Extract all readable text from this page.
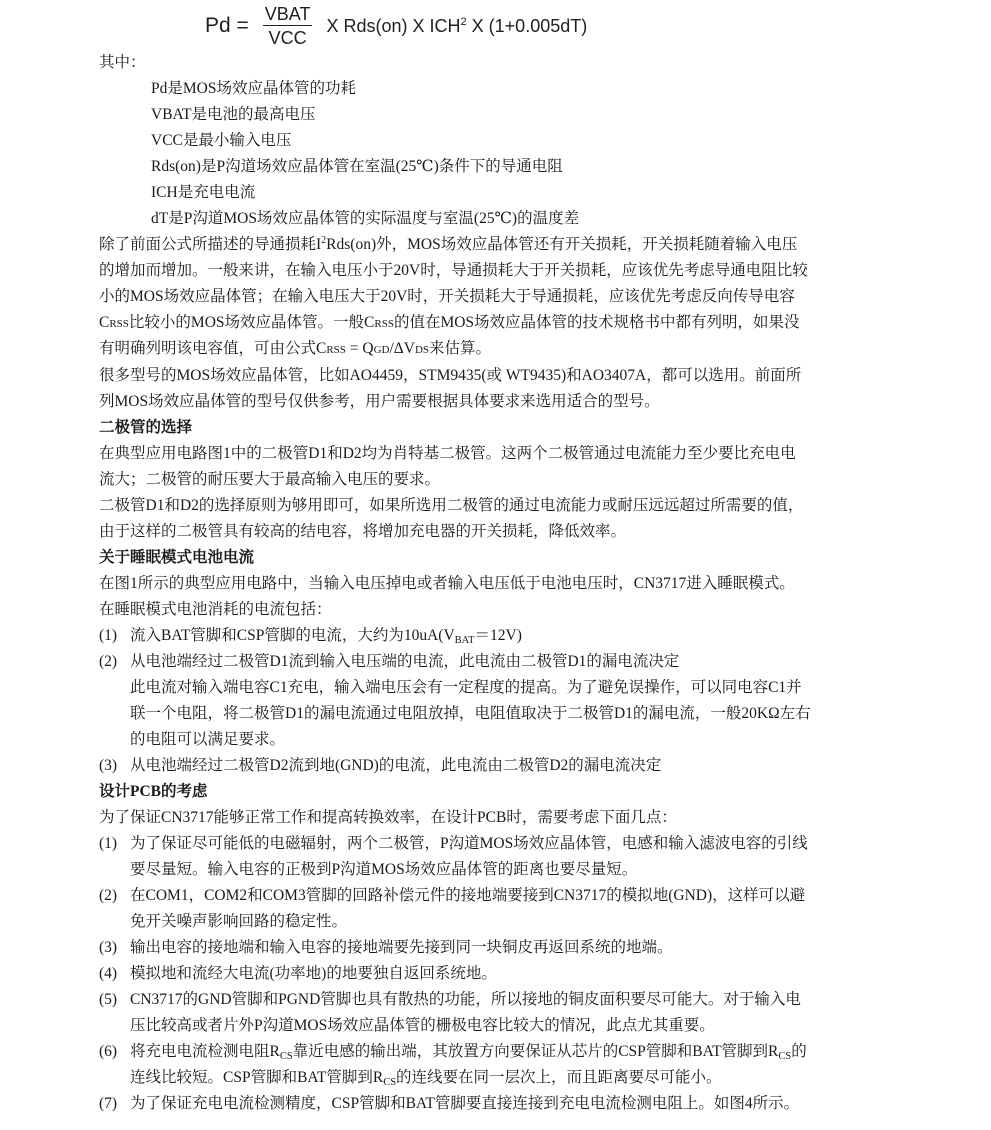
$Pd = \frac{\text{VBAT}}{\text{VCC}}$ X Rds(on) X ICH$^2$ X (1+0.005dT)
其中：
Pd是MOS场效应晶体管的功耗
VBAT是电池的最高电压
VCC是最小输入电压
Rds(on)是P沟道场效应晶体管在室温(25℃)条件下的导通电阻
ICH是充电电流
dT是P沟道MOS场效应晶体管的实际温度与室温(25℃)的温度差
除了前面公式所描述的导通损耗$I^2Rds(on)$外，MOS场效应晶体管还有开关损耗，开关损耗随着输入电压
的增加而增加。一般来讲，在输入电压小于20V时，导通损耗大于开关损耗，应该优先考虑导通电阻比较
小的MOS场效应晶体管；在输入电压大于20V时，开关损耗大于导通损耗，应该优先考虑反向传导电容
CRSS比较小的MOS场效应晶体管。一般CRSS的值在MOS场效应晶体管的技术规格书中都有列明，如果没
有明确列明该电容值，可由公式CRSS = QGD/ΔVDS来估算。
很多型号的MOS场效应晶体管，比如AO4459，STM9435(或 WT9435)和AO3407A，都可以选用。前面所
列MOS场效应晶体管的型号仅供参考，用户需要根据具体要求来选用适合的型号。
二极管的选择
在典型应用电路图1中的二极管D1和D2均为肖特基二极管。这两个二极管通过电流能力至少要比充电电
流大；二极管的耐压要大于最高输入电压的要求。
二极管D1和D2的选择原则为够用即可，如果所选用二极管的通过电流能力或耐压远远超过所需要的值，
由于这样的二极管具有较高的结电容，将增加充电器的开关损耗，降低效率。
关于睡眠模式电池电流
在图1所示的典型应用电路中，当输入电压掉电或者输入电压低于电池电压时，CN3717进入睡眠模式。
在睡眠模式电池消耗的电流包括：
(1) 流入BAT管脚和CSP管脚的电流，大约为10uA(VBAT＝12V)
(2) 从电池端经过二极管D1流到输入电压端的电流，此电流由二极管D1的漏电流决定
此电流对输入端电容C1充电，输入端电压会有一定程度的提高。为了避免误操作，可以同电容C1并
联一个电阻，将二极管D1的漏电流通过电阻放掉，电阻值取决于二极管D1的漏电流，一般20KΩ左右
的电阻可以满足要求。
(3) 从电池端经过二极管D2流到地(GND)的电流，此电流由二极管D2的漏电流决定
设计PCB的考虑
为了保证CN3717能够正常工作和提高转换效率，在设计PCB时，需要考虑下面几点：
(1) 为了保证尽可能低的电磁辐射，两个二极管，P沟道MOS场效应晶体管，电感和输入滤波电容的引线
要尽量短。输入电容的正极到P沟道MOS场效应晶体管的距离也要尽量短。
(2) 在COM1，COM2和COM3管脚的回路补偿元件的接地端要接到CN3717的模拟地(GND)，这样可以避
免开关噪声影响回路的稳定性。
(3) 输出电容的接地端和输入电容的接地端要先接到同一块铜皮再返回系统的地端。
(4) 模拟地和流经大电流(功率地)的地要独自返回系统地。
(5) CN3717的GND管脚和PGND管脚也具有散热的功能，所以接地的铜皮面积要尽可能大。对于输入电
压比较高或者片外P沟道MOS场效应晶体管的栅极电容比较大的情况，此点尤其重要。
(6) 将充电电流检测电阻RCS靠近电感的输出端，其放置方向要保证从芯片的CSP管脚和BAT管脚到RCS的
连线比较短。CSP管脚和BAT管脚到RCS的连线要在同一层次上，而且距离要尽可能小。
(7) 为了保证充电电流检测精度，CSP管脚和BAT管脚要直接连接到充电电流检测电阻上。如图4所示。
